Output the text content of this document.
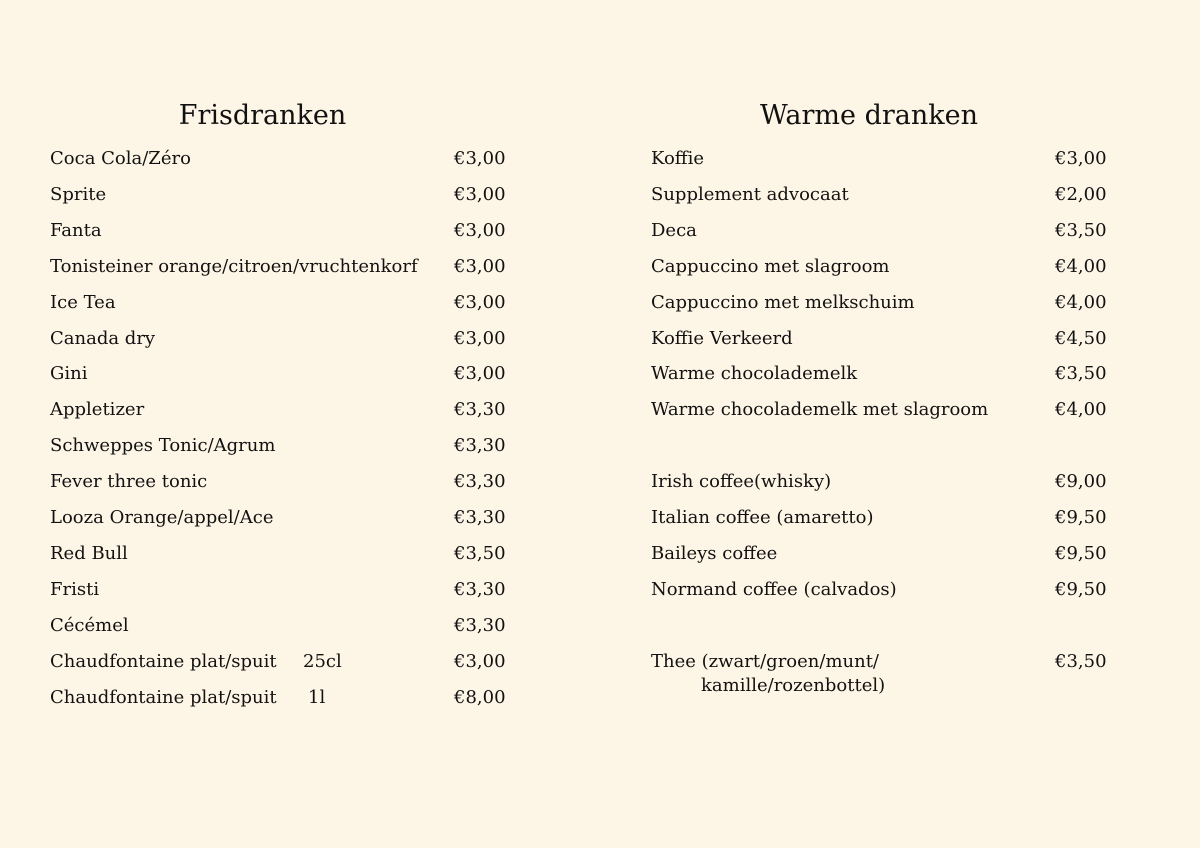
Frisdranken
Coca Cola/Zéro	€3,00
Sprite	€3,00
Fanta	€3,00
Tonisteiner orange/citroen/vruchtenkorf €3,00
Ice Tea	€3,00
Canada dry	€3,00
Gini	€3,00
Appletizer	€3,30
Schweppes Tonic/Agrum	€3,30
Fever three tonic	€3,30
Looza Orange/appel/Ace	€3,30
Red Bull	€3,50
Fristi	€3,30
Cécémel	€3,30
Chaudfontaine plat/spuit 25cl	€3,00
Chaudfontaine plat/spuit 1l	€8,00
Warme dranken
Koffie	€3,00
Supplement advocaat	€2,00
Deca	€3,50
Cappuccino met slagroom	€4,00
Cappuccino met melkschuim	€4,00
Koffie Verkeerd	€4,50
Warme chocolademelk	€3,50
Warme chocolademelk met slagroom	€4,00
Irish coffee(whisky)	€9,00
Italian coffee (amaretto)	€9,50
Baileys coffee	€9,50
Normand coffee (calvados)	€9,50
Thee (zwart/groen/munt/
kamille/rozenbottel)
€3,50
